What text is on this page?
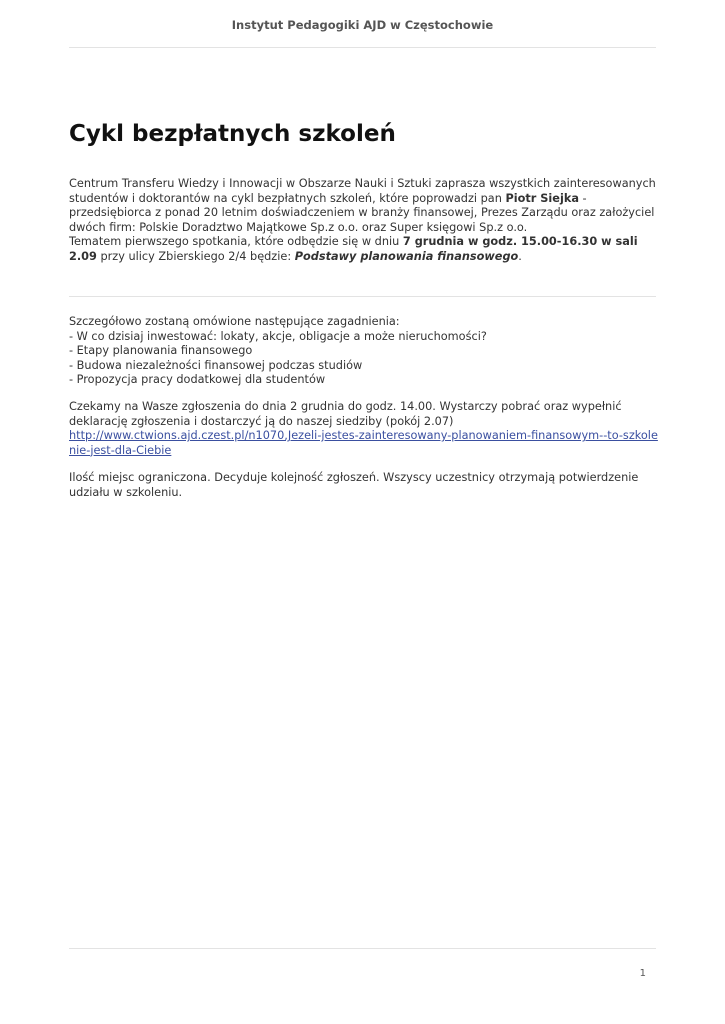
Instytut Pedagogiki AJD w Częstochowie
Cykl bezpłatnych szkoleń

Centrum Transferu Wiedzy i Innowacji w Obszarze Nauki i Sztuki zaprasza wszystkich zainteresowanych studentów i doktorantów na cykl bezpłatnych szkoleń, które poprowadzi pan Piotr Siejka - przedsiębiorca z ponad 20 letnim doświadczeniem w branży finansowej, Prezes Zarządu oraz założyciel dwóch firm: Polskie Doradztwo Majątkowe Sp.z o.o. oraz Super księgowi Sp.z o.o.

Tematem pierwszego spotkania, które odbędzie się w dniu 7 grudnia w godz. 15.00-16.30 w sali 2.09 przy ulicy Zbierskiego 2/4 będzie: Podstawy planowania finansowego.

Szczegółowo zostaną omówione następujące zagadnienia:

- W co dzisiaj inwestować: lokaty, akcje, obligacje a może nieruchomości?

- Etapy planowania finansowego

- Budowa niezależności finansowej podczas studiów

- Propozycja pracy dodatkowej dla studentów

Czekamy na Wasze zgłoszenia do dnia 2 grudnia do godz. 14.00. Wystarczy pobrać oraz wypełnić deklarację zgłoszenia i dostarczyć ją do naszej siedziby (pokój 2.07)

http://www.ctwions.ajd.czest.pl/n1070,Jezeli-jestes-zainteresowany-planowaniem-finansowym--to-szkolenie-jest-dla-Ciebie

Ilość miejsc ograniczona. Decyduje kolejność zgłoszeń. Wszyscy uczestnicy otrzymają potwierdzenie udziału w szkoleniu.

1
